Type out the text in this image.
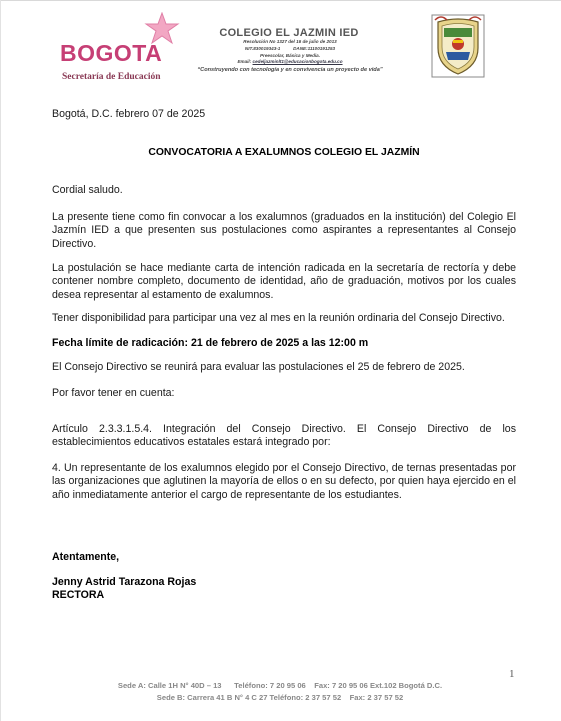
BOGOTA
Secretaría de Educación
COLEGIO EL JAZMIN IED
Resolución No 1327 del 16 de julio de 2013
NIT.830019343-1	DANE:11100191253
Preescolar, Básica y Media.
Email: cedeljazminlt1@educacionbogota.edu.co
“Construyendo con tecnología y en convivencia un proyecto de vida”
Bogotá, D.C. febrero 07 de 2025
CONVOCATORIA A EXALUMNOS COLEGIO EL JAZMÍN
Cordial saludo.
La presente tiene como fin convocar a los exalumnos (graduados en la institución) del Colegio El Jazmín IED a que presenten sus postulaciones como aspirantes a representantes al Consejo Directivo.
La postulación se hace mediante carta de intención radicada en la secretaría de rectoría y debe contener nombre completo, documento de identidad, año de graduación, motivos por los cuales desea representar al estamento de exalumnos.
Tener disponibilidad para participar una vez al mes en la reunión ordinaria del Consejo Directivo.
Fecha límite de radicación: 21 de febrero de 2025 a las 12:00 m
El Consejo Directivo se reunirá para evaluar las postulaciones el 25 de febrero de 2025.
Por favor tener en cuenta:
Artículo 2.3.3.1.5.4. Integración del Consejo Directivo. El Consejo Directivo de los establecimientos educativos estatales estará integrado por:
4. Un representante de los exalumnos elegido por el Consejo Directivo, de ternas presentadas por las organizaciones que aglutinen la mayoría de ellos o en su defecto, por quien haya ejercido en el año inmediatamente anterior el cargo de representante de los estudiantes.
Atentamente,
Jenny Astrid Tarazona Rojas
RECTORA
1
Sede A: Calle 1H N° 40D – 13      Teléfono: 7 20 95 06    Fax: 7 20 95 06 Ext.102 Bogotá D.C.
Sede B: Carrera 41 B N° 4 C 27 Teléfono: 2 37 57 52    Fax: 2 37 57 52
